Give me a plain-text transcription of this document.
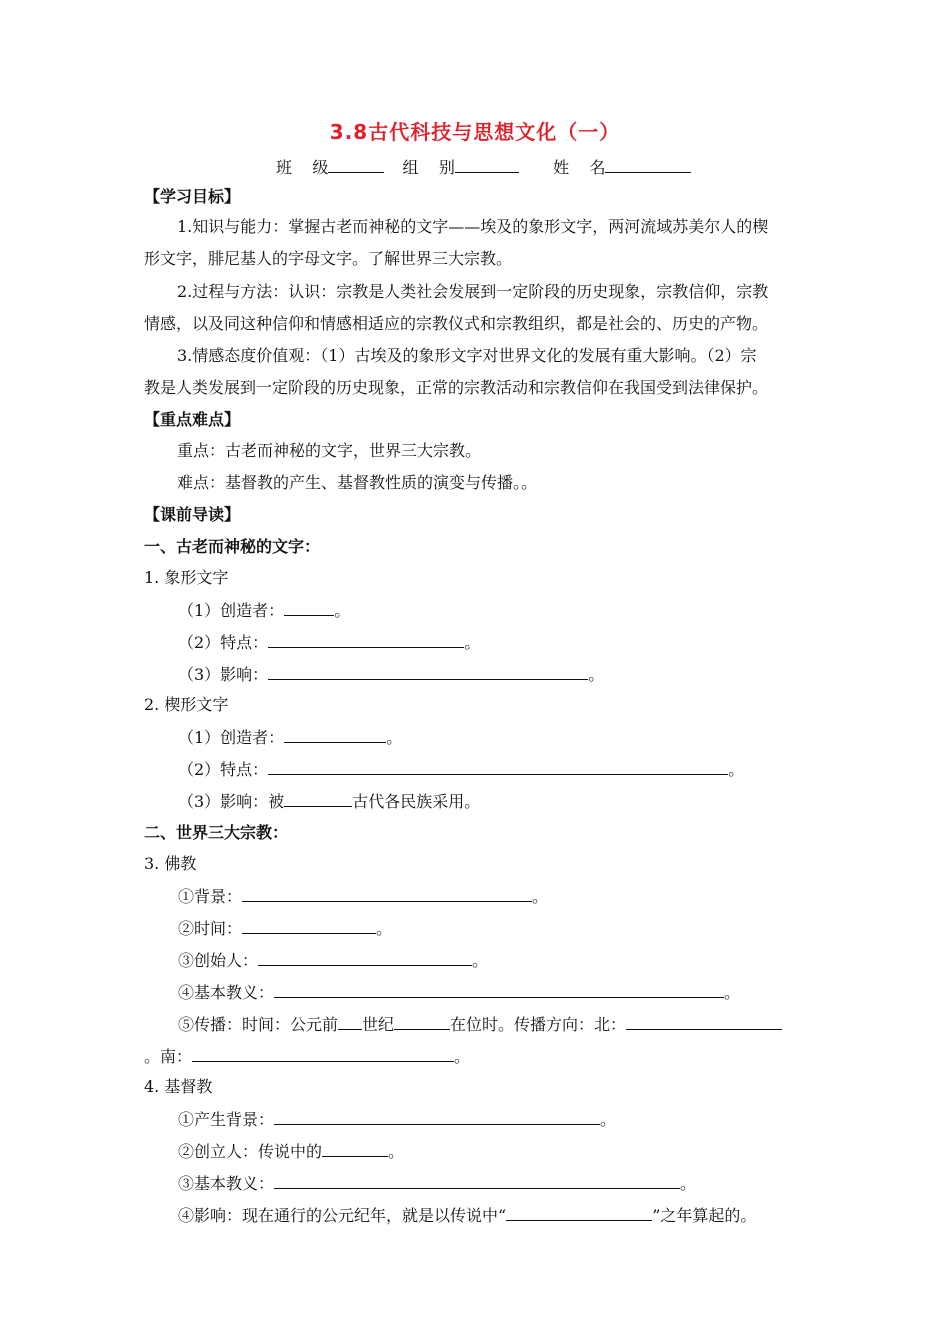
3.8古代科技与思想文化（一）
班    级	组    别	姓    名
【学习目标】
1.知识与能力：掌握古老而神秘的文字——埃及的象形文字，两河流域苏美尔人的楔
形文字，腓尼基人的字母文字。了解世界三大宗教。
2.过程与方法：认识：宗教是人类社会发展到一定阶段的历史现象，宗教信仰，宗教
情感，以及同这种信仰和情感相适应的宗教仪式和宗教组织，都是社会的、历史的产物。
3.情感态度价值观：（1）古埃及的象形文字对世界文化的发展有重大影响。（2）宗
教是人类发展到一定阶段的历史现象，正常的宗教活动和宗教信仰在我国受到法律保护。
【重点难点】
重点：古老而神秘的文字，世界三大宗教。
难点：基督教的产生、基督教性质的演变与传播。。
【课前导读】
一、古老而神秘的文字：
1. 象形文字
（1）创造者：	。
（2）特点：	。
（3）影响：	。
2. 楔形文字
（1）创造者：	。
（2）特点：	。
（3）影响：被	古代各民族采用。
二、世界三大宗教：
3. 佛教
①背景：	。
②时间：	。
③创始人：	。
④基本教义：	。
⑤传播：时间：公元前 世纪	在位时。传播方向：北：
。南：	。
4. 基督教
①产生背景：	。
②创立人：传说中的	。
③基本教义：	。
④影响：现在通行的公元纪年，就是以传说中“	”之年算起的。
